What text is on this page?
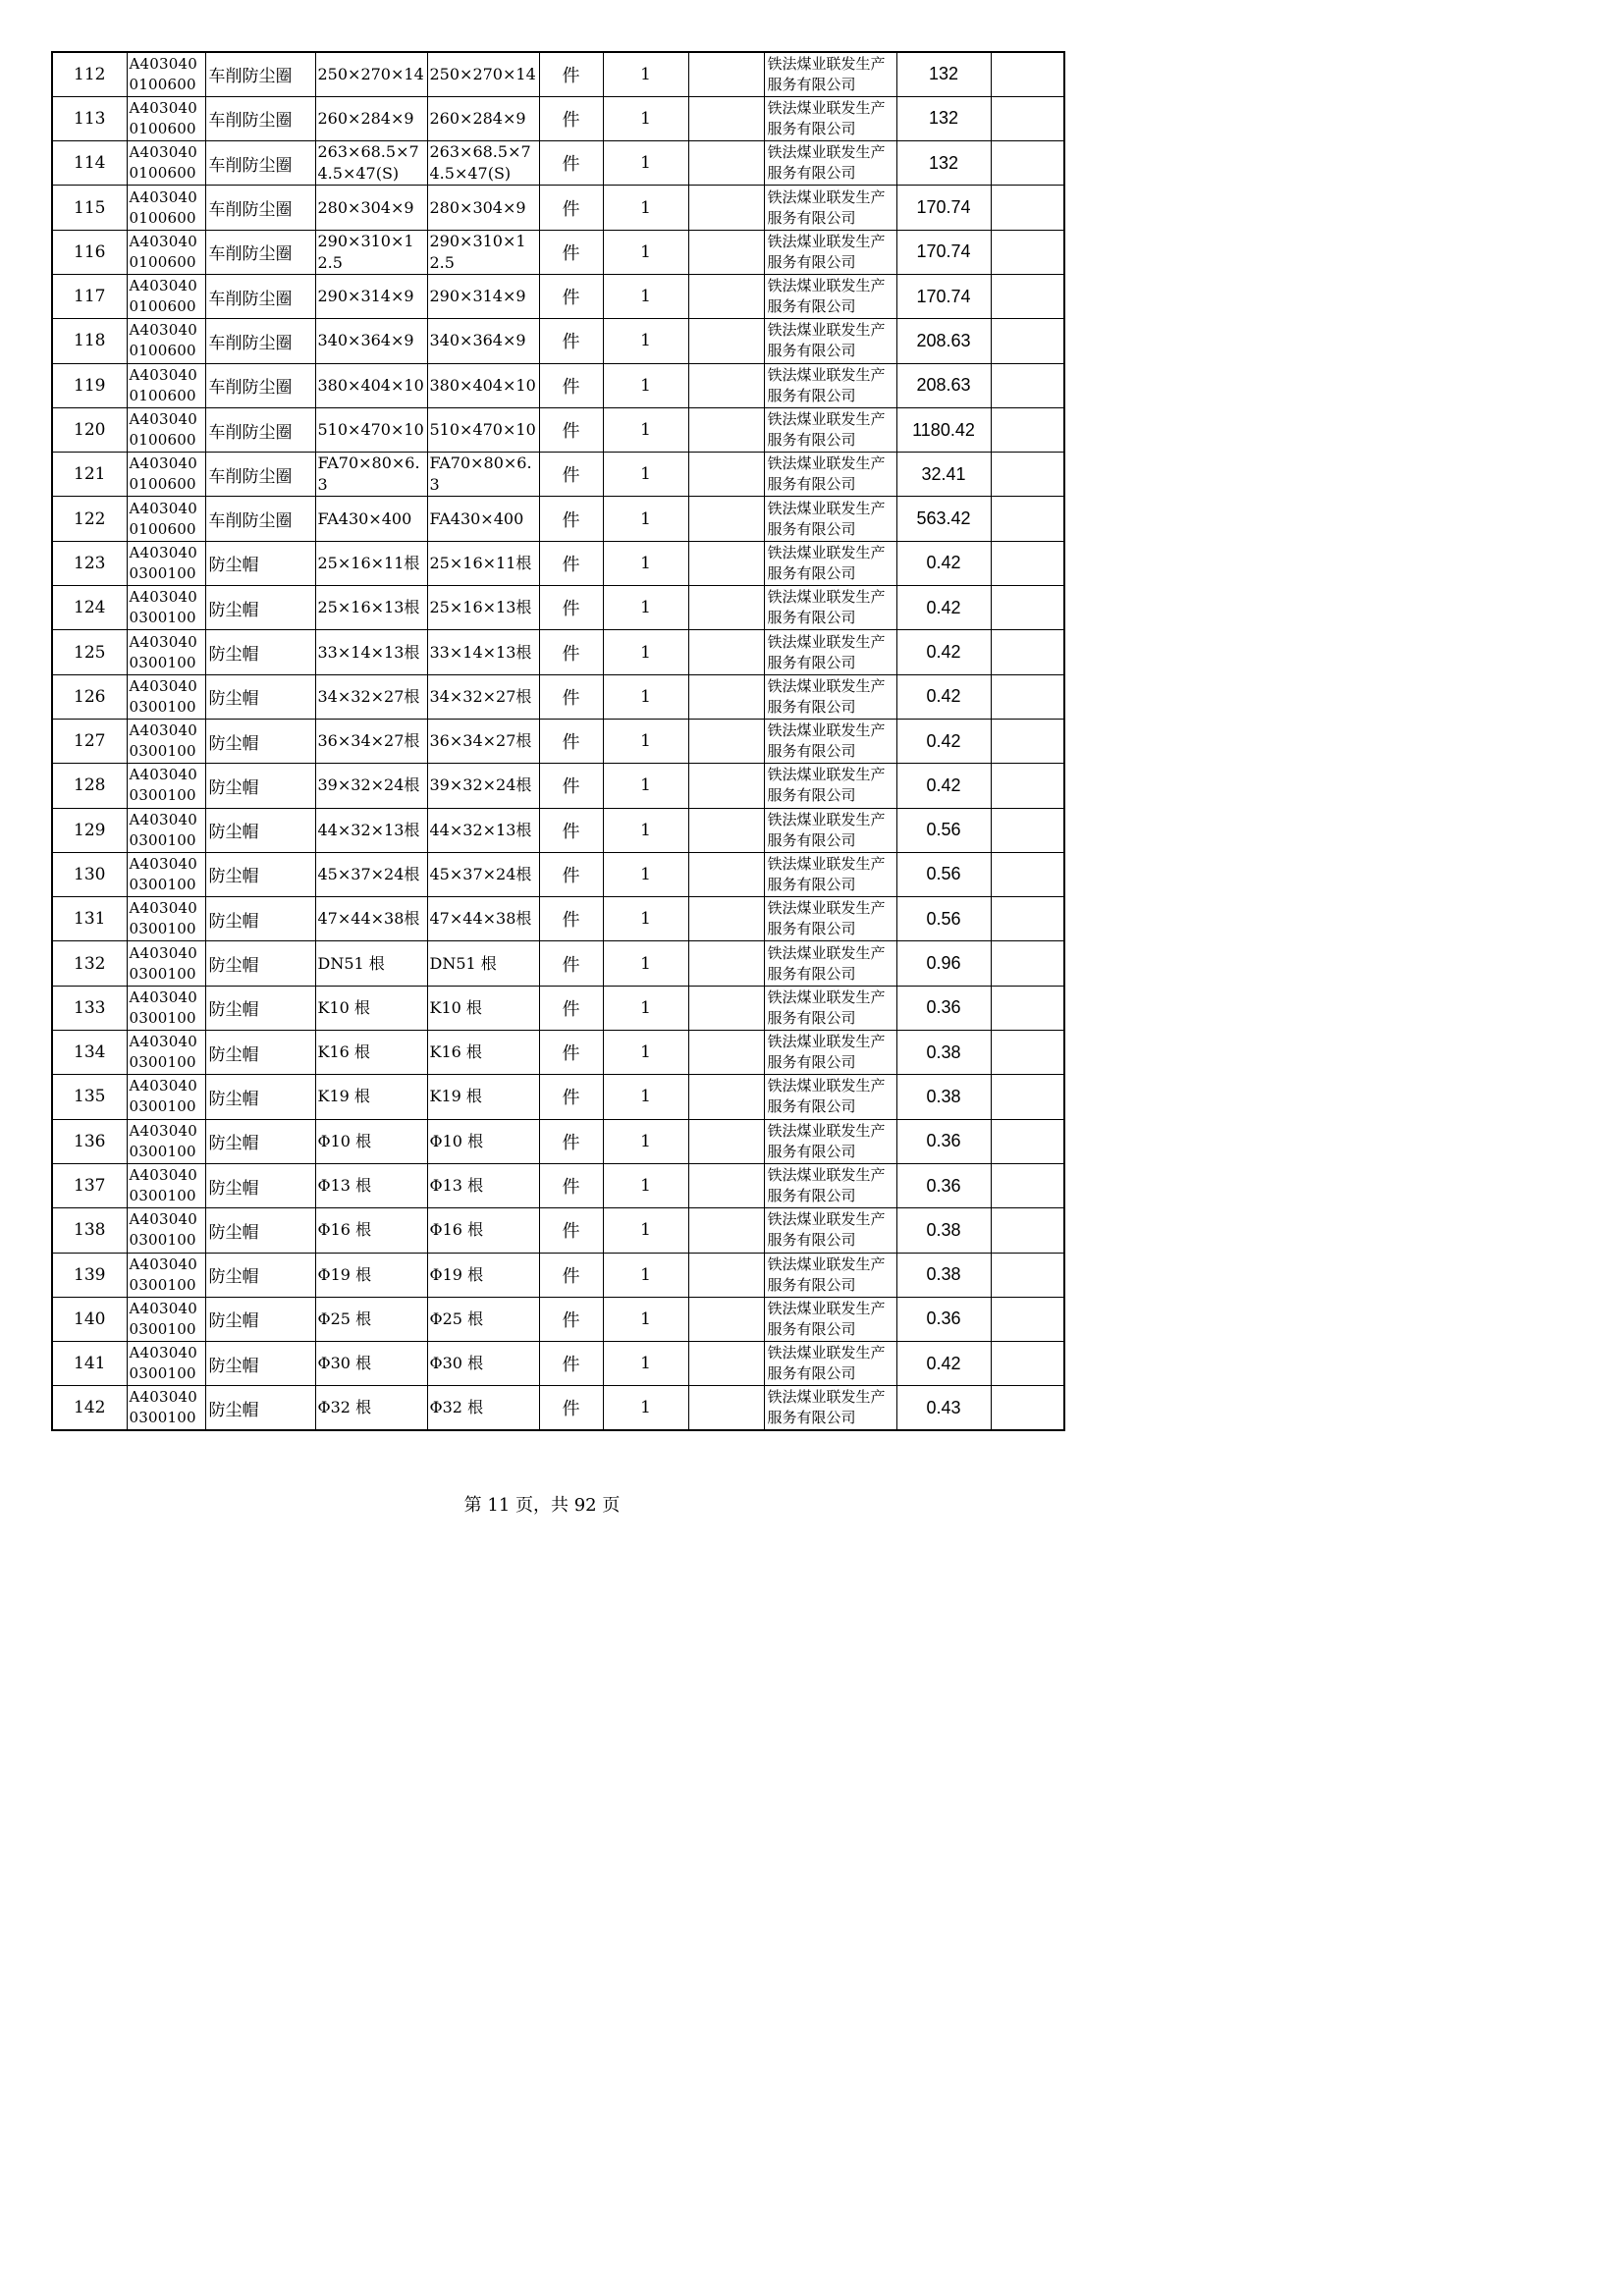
112	A4030400100600	车削防尘圈	250×270×14	250×270×14	件	1		铁法煤业联发生产服务有限公司	132	
113	A4030400100600	车削防尘圈	260×284×9	260×284×9	件	1		铁法煤业联发生产服务有限公司	132	
114	A4030400100600	车削防尘圈	263×68.5×74.5×47(S)	263×68.5×74.5×47(S)	件	1		铁法煤业联发生产服务有限公司	132	
115	A4030400100600	车削防尘圈	280×304×9	280×304×9	件	1		铁法煤业联发生产服务有限公司	170.74	
116	A4030400100600	车削防尘圈	290×310×12.5	290×310×12.5	件	1		铁法煤业联发生产服务有限公司	170.74	
117	A4030400100600	车削防尘圈	290×314×9	290×314×9	件	1		铁法煤业联发生产服务有限公司	170.74	
118	A4030400100600	车削防尘圈	340×364×9	340×364×9	件	1		铁法煤业联发生产服务有限公司	208.63	
119	A4030400100600	车削防尘圈	380×404×10	380×404×10	件	1		铁法煤业联发生产服务有限公司	208.63	
120	A4030400100600	车削防尘圈	510×470×10	510×470×10	件	1		铁法煤业联发生产服务有限公司	1180.42	
121	A4030400100600	车削防尘圈	FA70×80×6.3	FA70×80×6.3	件	1		铁法煤业联发生产服务有限公司	32.41	
122	A4030400100600	车削防尘圈	FA430×400	FA430×400	件	1		铁法煤业联发生产服务有限公司	563.42	
123	A4030400300100	防尘帽	25×16×11根	25×16×11根	件	1		铁法煤业联发生产服务有限公司	0.42	
124	A4030400300100	防尘帽	25×16×13根	25×16×13根	件	1		铁法煤业联发生产服务有限公司	0.42	
125	A4030400300100	防尘帽	33×14×13根	33×14×13根	件	1		铁法煤业联发生产服务有限公司	0.42	
126	A4030400300100	防尘帽	34×32×27根	34×32×27根	件	1		铁法煤业联发生产服务有限公司	0.42	
127	A4030400300100	防尘帽	36×34×27根	36×34×27根	件	1		铁法煤业联发生产服务有限公司	0.42	
128	A4030400300100	防尘帽	39×32×24根	39×32×24根	件	1		铁法煤业联发生产服务有限公司	0.42	
129	A4030400300100	防尘帽	44×32×13根	44×32×13根	件	1		铁法煤业联发生产服务有限公司	0.56	
130	A4030400300100	防尘帽	45×37×24根	45×37×24根	件	1		铁法煤业联发生产服务有限公司	0.56	
131	A4030400300100	防尘帽	47×44×38根	47×44×38根	件	1		铁法煤业联发生产服务有限公司	0.56	
132	A4030400300100	防尘帽	DN51 根	DN51 根	件	1		铁法煤业联发生产服务有限公司	0.96	
133	A4030400300100	防尘帽	K10 根	K10 根	件	1		铁法煤业联发生产服务有限公司	0.36	
134	A4030400300100	防尘帽	K16 根	K16 根	件	1		铁法煤业联发生产服务有限公司	0.38	
135	A4030400300100	防尘帽	K19 根	K19 根	件	1		铁法煤业联发生产服务有限公司	0.38	
136	A4030400300100	防尘帽	Φ10 根	Φ10 根	件	1		铁法煤业联发生产服务有限公司	0.36	
137	A4030400300100	防尘帽	Φ13 根	Φ13 根	件	1		铁法煤业联发生产服务有限公司	0.36	
138	A4030400300100	防尘帽	Φ16 根	Φ16 根	件	1		铁法煤业联发生产服务有限公司	0.38	
139	A4030400300100	防尘帽	Φ19 根	Φ19 根	件	1		铁法煤业联发生产服务有限公司	0.38	
140	A4030400300100	防尘帽	Φ25 根	Φ25 根	件	1		铁法煤业联发生产服务有限公司	0.36	
141	A4030400300100	防尘帽	Φ30 根	Φ30 根	件	1		铁法煤业联发生产服务有限公司	0.42	
142	A4030400300100	防尘帽	Φ32 根	Φ32 根	件	1		铁法煤业联发生产服务有限公司	0.43	
第 11 页，共 92 页
